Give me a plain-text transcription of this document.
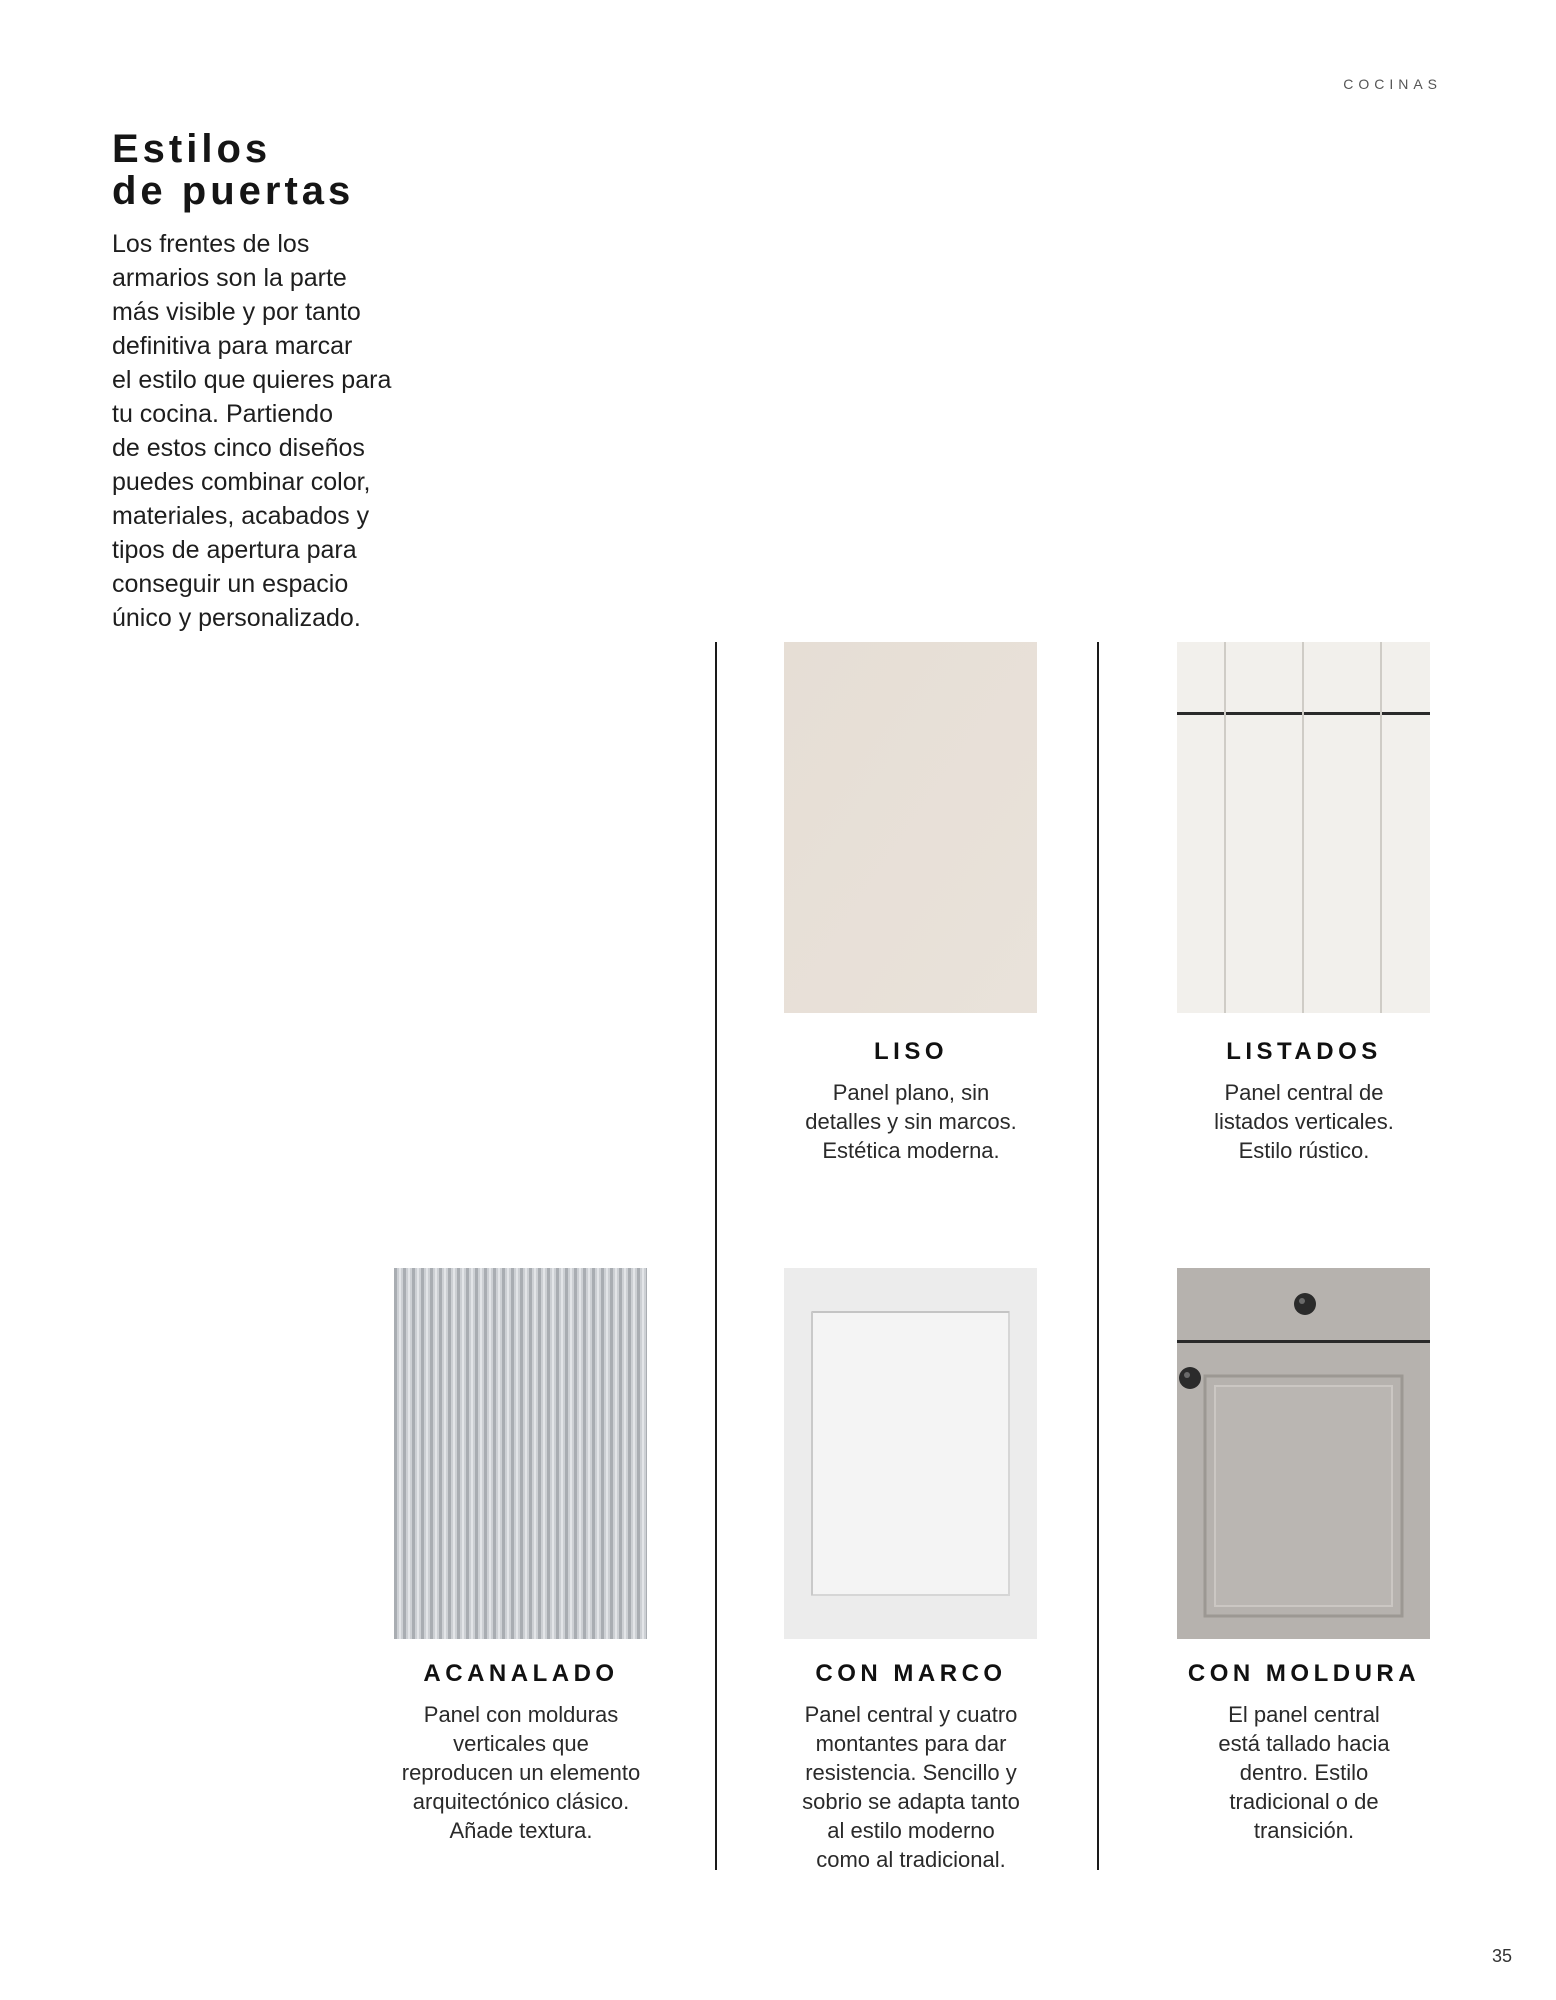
COCINAS
Estilos
de puertas

Los frentes de los
armarios son la parte
más visible y por tanto
definitiva para marcar
el estilo que quieres para
tu cocina. Partiendo
de estos cinco diseños
puedes combinar color,
materiales, acabados y
tipos de apertura para
conseguir un espacio
único y personalizado.

LISO

Panel plano, sin
detalles y sin marcos.
Estética moderna.

LISTADOS

Panel central de
listados verticales.
Estilo rústico.

ACANALADO

Panel con molduras
verticales que
reproducen un elemento
arquitectónico clásico.
Añade textura.

CON MARCO

Panel central y cuatro
montantes para dar
resistencia. Sencillo y
sobrio se adapta tanto
al estilo moderno
como al tradicional.

CON MOLDURA

El panel central
está tallado hacia
dentro. Estilo
tradicional o de
transición.

35
